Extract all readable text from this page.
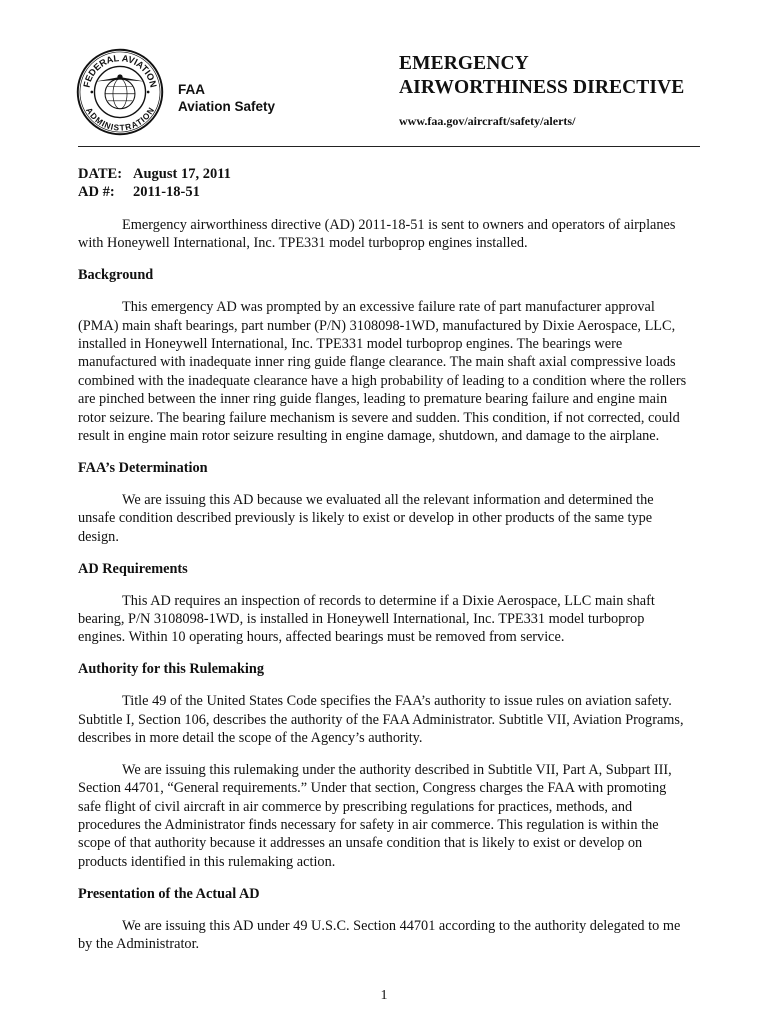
FEDERAL AVIATION
ADMINISTRATION
FAA
Aviation Safety
EMERGENCY
AIRWORTHINESS DIRECTIVE
www.faa.gov/aircraft/safety/alerts/
DATE: August 17, 2011
AD #:	2011-18-51

Emergency airworthiness directive (AD) 2011-18-51 is sent to owners and operators of airplanes with Honeywell International, Inc. TPE331 model turboprop engines installed.

Background

This emergency AD was prompted by an excessive failure rate of part manufacturer approval (PMA) main shaft bearings, part number (P/N) 3108098-1WD, manufactured by Dixie Aerospace, LLC, installed in Honeywell International, Inc. TPE331 model turboprop engines. The bearings were manufactured with inadequate inner ring guide flange clearance. The main shaft axial compressive loads combined with the inadequate clearance have a high probability of leading to a condition where the rollers are pinched between the inner ring guide flanges, leading to premature bearing failure and engine main rotor seizure. The bearing failure mechanism is severe and sudden. This condition, if not corrected, could result in engine main rotor seizure resulting in engine damage, shutdown, and damage to the airplane.

FAA’s Determination

We are issuing this AD because we evaluated all the relevant information and determined the unsafe condition described previously is likely to exist or develop in other products of the same type design.

AD Requirements

This AD requires an inspection of records to determine if a Dixie Aerospace, LLC main shaft bearing, P/N 3108098-1WD, is installed in Honeywell International, Inc. TPE331 model turboprop engines. Within 10 operating hours, affected bearings must be removed from service.

Authority for this Rulemaking

Title 49 of the United States Code specifies the FAA’s authority to issue rules on aviation safety. Subtitle I, Section 106, describes the authority of the FAA Administrator. Subtitle VII, Aviation Programs, describes in more detail the scope of the Agency’s authority.

We are issuing this rulemaking under the authority described in Subtitle VII, Part A, Subpart III, Section 44701, “General requirements.” Under that section, Congress charges the FAA with promoting safe flight of civil aircraft in air commerce by prescribing regulations for practices, methods, and procedures the Administrator finds necessary for safety in air commerce. This regulation is within the scope of that authority because it addresses an unsafe condition that is likely to exist or develop on products identified in this rulemaking action.

Presentation of the Actual AD

We are issuing this AD under 49 U.S.C. Section 44701 according to the authority delegated to me by the Administrator.

1
